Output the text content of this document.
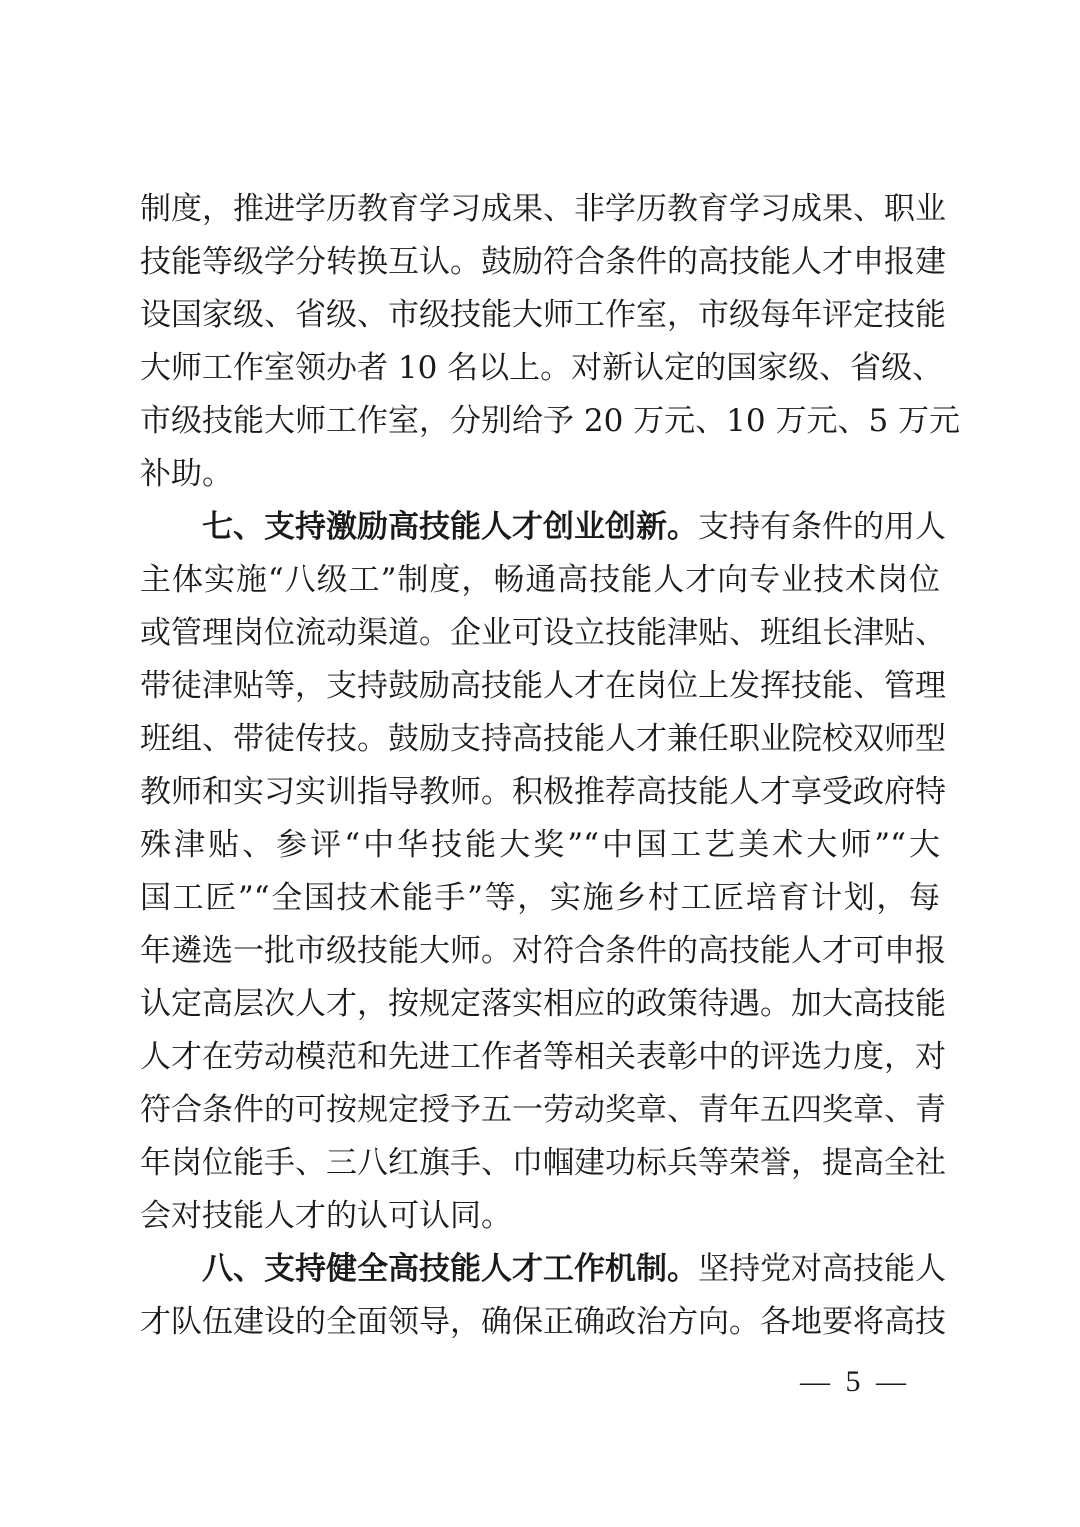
制度，推进学历教育学习成果、非学历教育学习成果、职业
技能等级学分转换互认。鼓励符合条件的高技能人才申报建
设国家级、省级、市级技能大师工作室，市级每年评定技能
大师工作室领办者 10 名以上。对新认定的国家级、省级、
市级技能大师工作室，分别给予 20 万元、10 万元、5 万元
补助。
七、支持激励高技能人才创业创新。支持有条件的用人
主体实施“八级工”制度，畅通高技能人才向专业技术岗位
或管理岗位流动渠道。企业可设立技能津贴、班组长津贴、
带徒津贴等，支持鼓励高技能人才在岗位上发挥技能、管理
班组、带徒传技。鼓励支持高技能人才兼任职业院校双师型
教师和实习实训指导教师。积极推荐高技能人才享受政府特
殊津贴、参评“中华技能大奖”“中国工艺美术大师”“大
国工匠”“全国技术能手”等，实施乡村工匠培育计划，每
年遴选一批市级技能大师。对符合条件的高技能人才可申报
认定高层次人才，按规定落实相应的政策待遇。加大高技能
人才在劳动模范和先进工作者等相关表彰中的评选力度，对
符合条件的可按规定授予五一劳动奖章、青年五四奖章、青
年岗位能手、三八红旗手、巾帼建功标兵等荣誉，提高全社
会对技能人才的认可认同。
八、支持健全高技能人才工作机制。坚持党对高技能人
才队伍建设的全面领导，确保正确政治方向。各地要将高技
— 5 —
